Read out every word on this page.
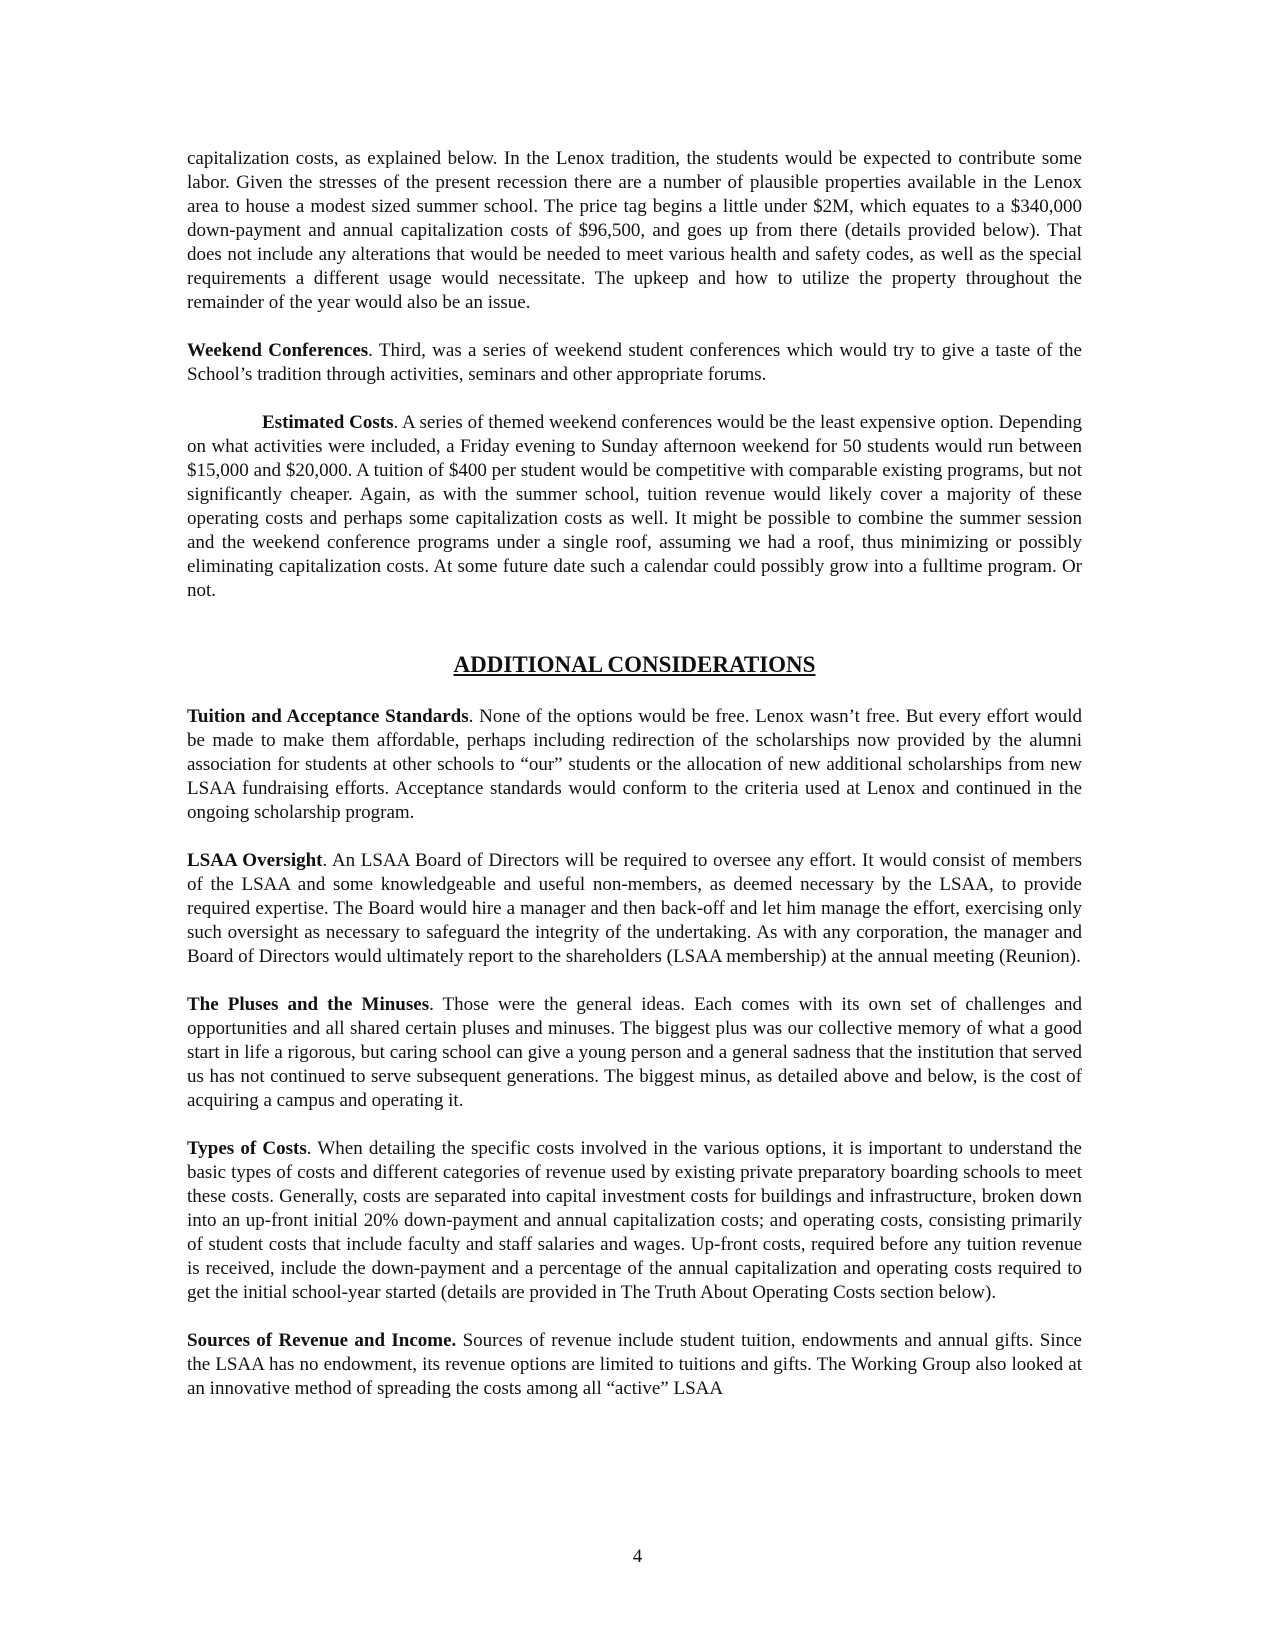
capitalization costs, as explained below. In the Lenox tradition, the students would be expected to contribute some labor. Given the stresses of the present recession there are a number of plausible properties available in the Lenox area to house a modest sized summer school. The price tag begins a little under $2M, which equates to a $340,000 down-payment and annual capitalization costs of $96,500, and goes up from there (details provided below). That does not include any alterations that would be needed to meet various health and safety codes, as well as the special requirements a different usage would necessitate. The upkeep and how to utilize the property throughout the remainder of the year would also be an issue.

Weekend Conferences. Third, was a series of weekend student conferences which would try to give a taste of the School’s tradition through activities, seminars and other appropriate forums.

Estimated Costs. A series of themed weekend conferences would be the least expensive option. Depending on what activities were included, a Friday evening to Sunday afternoon weekend for 50 students would run between $15,000 and $20,000. A tuition of $400 per student would be competitive with comparable existing programs, but not significantly cheaper. Again, as with the summer school, tuition revenue would likely cover a majority of these operating costs and perhaps some capitalization costs as well. It might be possible to combine the summer session and the weekend conference programs under a single roof, assuming we had a roof, thus minimizing or possibly eliminating capitalization costs. At some future date such a calendar could possibly grow into a fulltime program. Or not.

ADDITIONAL CONSIDERATIONS

Tuition and Acceptance Standards. None of the options would be free. Lenox wasn’t free. But every effort would be made to make them affordable, perhaps including redirection of the scholarships now provided by the alumni association for students at other schools to “our” students or the allocation of new additional scholarships from new LSAA fundraising efforts. Acceptance standards would conform to the criteria used at Lenox and continued in the ongoing scholarship program.

LSAA Oversight. An LSAA Board of Directors will be required to oversee any effort. It would consist of members of the LSAA and some knowledgeable and useful non-members, as deemed necessary by the LSAA, to provide required expertise. The Board would hire a manager and then back-off and let him manage the effort, exercising only such oversight as necessary to safeguard the integrity of the undertaking. As with any corporation, the manager and Board of Directors would ultimately report to the shareholders (LSAA membership) at the annual meeting (Reunion).

The Pluses and the Minuses. Those were the general ideas. Each comes with its own set of challenges and opportunities and all shared certain pluses and minuses. The biggest plus was our collective memory of what a good start in life a rigorous, but caring school can give a young person and a general sadness that the institution that served us has not continued to serve subsequent generations. The biggest minus, as detailed above and below, is the cost of acquiring a campus and operating it.

Types of Costs. When detailing the specific costs involved in the various options, it is important to understand the basic types of costs and different categories of revenue used by existing private preparatory boarding schools to meet these costs. Generally, costs are separated into capital investment costs for buildings and infrastructure, broken down into an up-front initial 20% down-payment and annual capitalization costs; and operating costs, consisting primarily of student costs that include faculty and staff salaries and wages. Up-front costs, required before any tuition revenue is received, include the down-payment and a percentage of the annual capitalization and operating costs required to get the initial school-year started (details are provided in The Truth About Operating Costs section below).

Sources of Revenue and Income. Sources of revenue include student tuition, endowments and annual gifts. Since the LSAA has no endowment, its revenue options are limited to tuitions and gifts. The Working Group also looked at an innovative method of spreading the costs among all “active” LSAA

4
